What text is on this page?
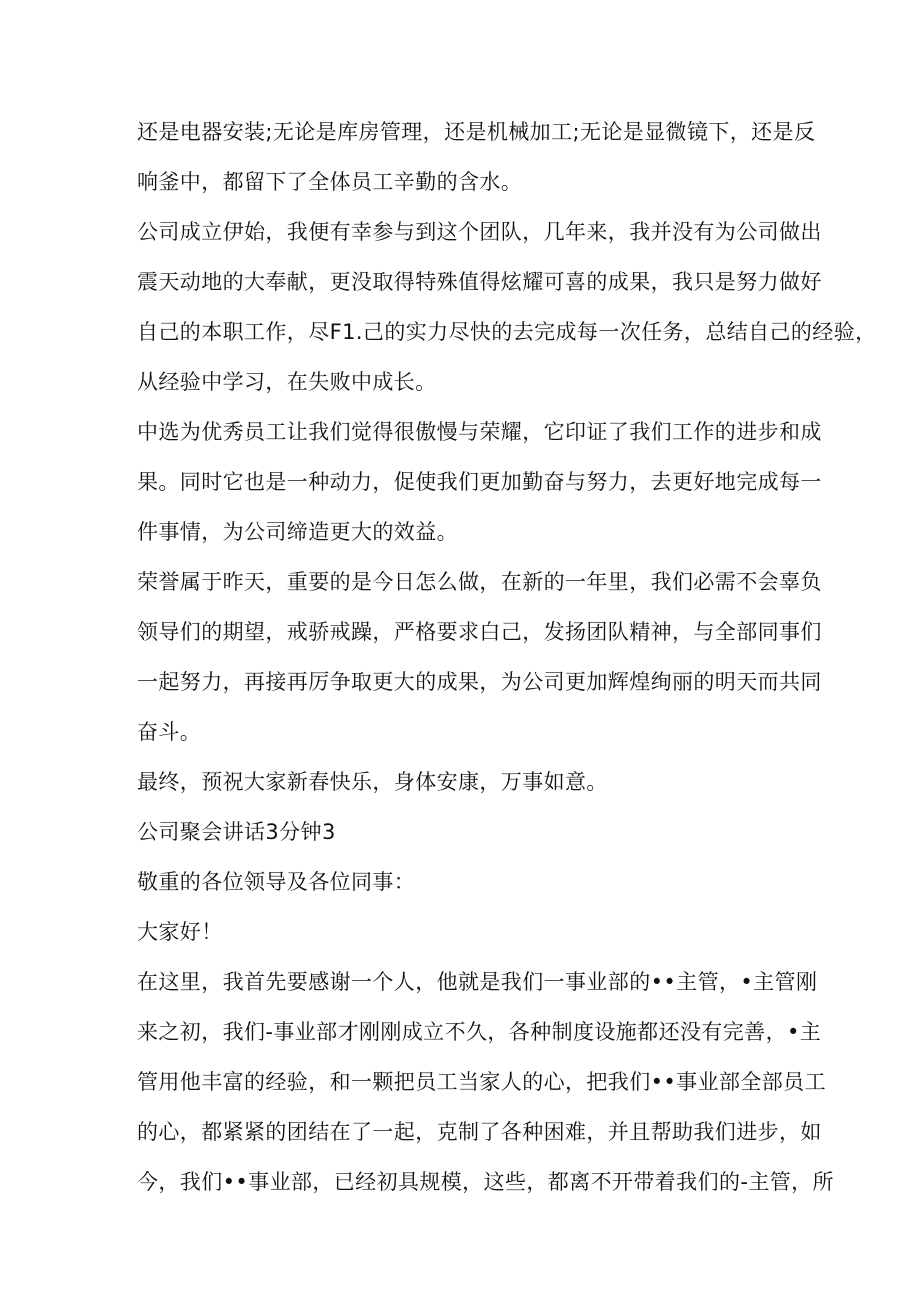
还是电器安装;无论是库房管理，还是机械加工;无论是显微镜下，还是反
响釜中，都留下了全体员工辛勤的含水。
公司成立伊始，我便有幸参与到这个团队，几年来，我并没有为公司做出
震天动地的大奉献，更没取得特殊值得炫耀可喜的成果，我只是努力做好
自己的本职工作，尽F1.己的实力尽快的去完成每一次任务，总结自己的经验，
从经验中学习，在失败中成长。
中选为优秀员工让我们觉得很傲慢与荣耀，它印证了我们工作的进步和成
果。同时它也是一种动力，促使我们更加勤奋与努力，去更好地完成每一
件事情，为公司缔造更大的效益。
荣誉属于昨天，重要的是今日怎么做，在新的一年里，我们必需不会辜负
领导们的期望，戒骄戒躁，严格要求白己，发扬团队精神，与全部同事们
一起努力，再接再厉争取更大的成果，为公司更加辉煌绚丽的明天而共同
奋斗。
最终，预祝大家新春快乐，身体安康，万事如意。
公司聚会讲话3分钟3
敬重的各位领导及各位同事：
大家好！
在这里，我首先要感谢一个人，他就是我们一事业部的••主管，•主管刚
来之初，我们-事业部才刚刚成立不久，各种制度设施都还没有完善，•主
管用他丰富的经验，和一颗把员工当家人的心，把我们••事业部全部员工
的心，都紧紧的团结在了一起，克制了各种困难，并且帮助我们进步，如
今，我们••事业部，已经初具规模，这些，都离不开带着我们的-主管，所
